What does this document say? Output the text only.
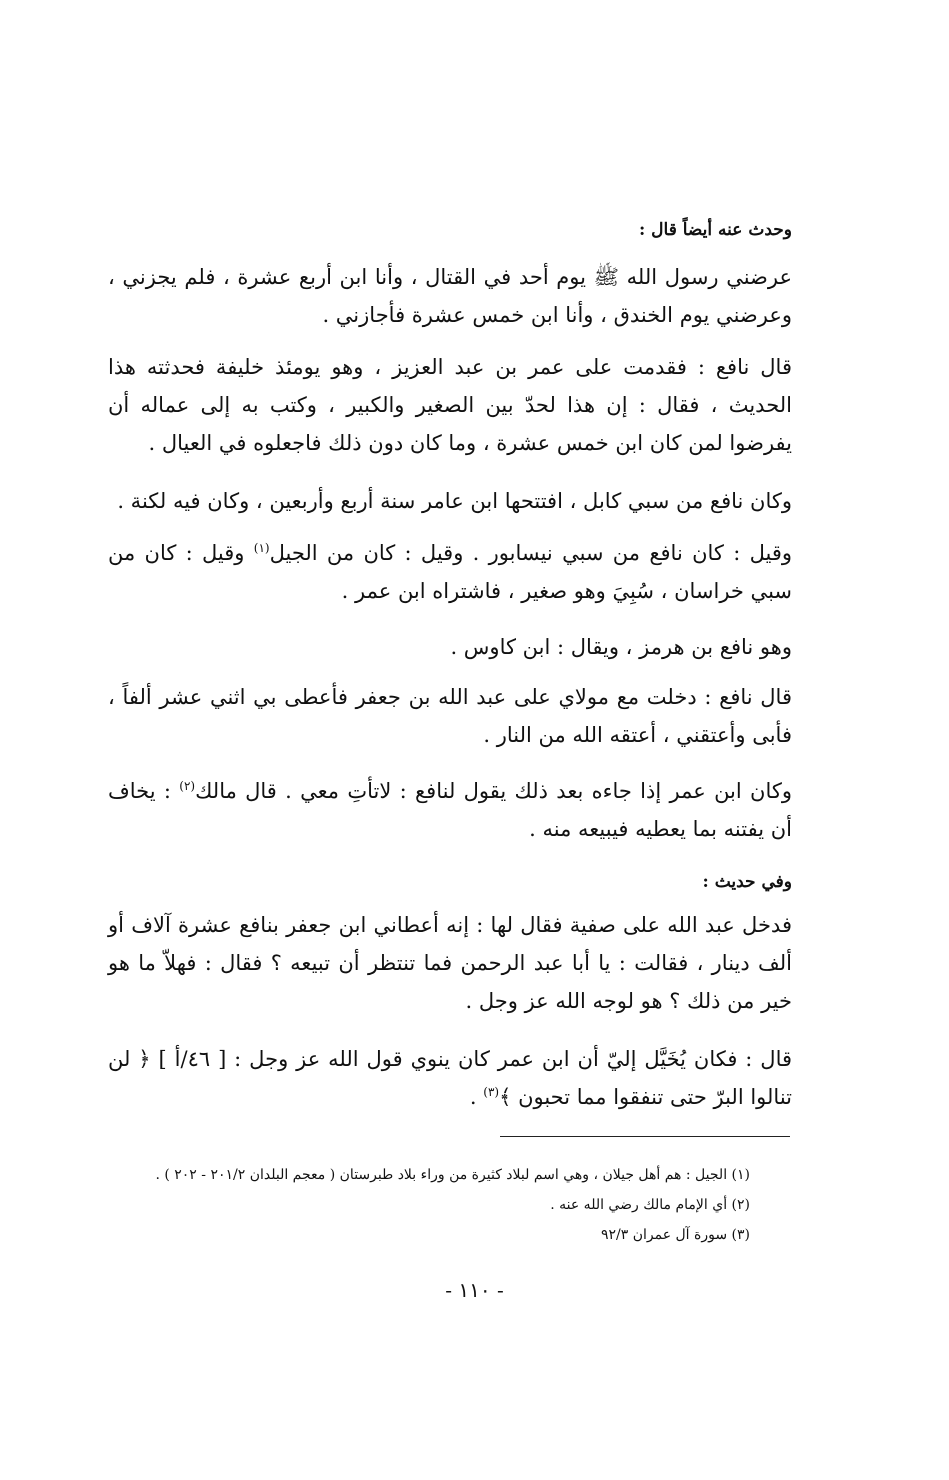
وحدث عنه أيضاً قال :

عرضني رسول الله ﷺ يوم أحد في القتال ، وأنا ابن أربع عشرة ، فلم يجزني ، وعرضني يوم الخندق ، وأنا ابن خمس عشرة فأجازني .

قال نافع : فقدمت على عمر بن عبد العزيز ، وهو يومئذ خليفة فحدثته هذا الحديث ، فقال : إن هذا لحدّ بين الصغير والكبير ، وكتب به إلى عماله أن يفرضوا لمن كان ابن خمس عشرة ، وما كان دون ذلك فاجعلوه في العيال .

وكان نافع من سبي كابل ، افتتحها ابن عامر سنة أربع وأربعين ، وكان فيه لكنة .

وقيل : كان نافع من سبي نيسابور . وقيل : كان من الجيل$^{(١)}$ وقيل : كان من سبي خراسان ، سُبِيَ وهو صغير ، فاشتراه ابن عمر .

وهو نافع بن هرمز ، ويقال : ابن كاوس .

قال نافع : دخلت مع مولاي على عبد الله بن جعفر فأعطى بي اثني عشر ألفاً ، فأبى وأعتقني ، أعتقه الله من النار .

وكان ابن عمر إذا جاءه بعد ذلك يقول لنافع : لاتأتِ معي . قال مالك$^{(٢)}$ : يخاف أن يفتنه بما يعطيه فيبيعه منه .

وفي حديث :

فدخل عبد الله على صفية فقال لها : إنه أعطاني ابن جعفر بنافع عشرة آلاف أو ألف دينار ، فقالت : يا أبا عبد الرحمن فما تنتظر أن تبيعه ؟ فقال : فهلاّ ما هو خير من ذلك ؟ هو لوجه الله عز وجل .

قال : فكان يُخَيَّل إليّ أن ابن عمر كان ينوي قول الله عز وجل : [ ٤٦/أ ] ﴿ لن تنالوا البرّ حتى تنفقوا مما تحبون ﴾$^{(٣)}$ .

(١) الجيل : هم أهل جيلان ، وهي اسم لبلاد كثيرة من وراء بلاد طبرستان ( معجم البلدان ٢٠١/٢ - ٢٠٢ ) .

(٢) أي الإمام مالك رضي الله عنه .

(٣) سورة آل عمران ٩٢/٣

- ١١٠ -
